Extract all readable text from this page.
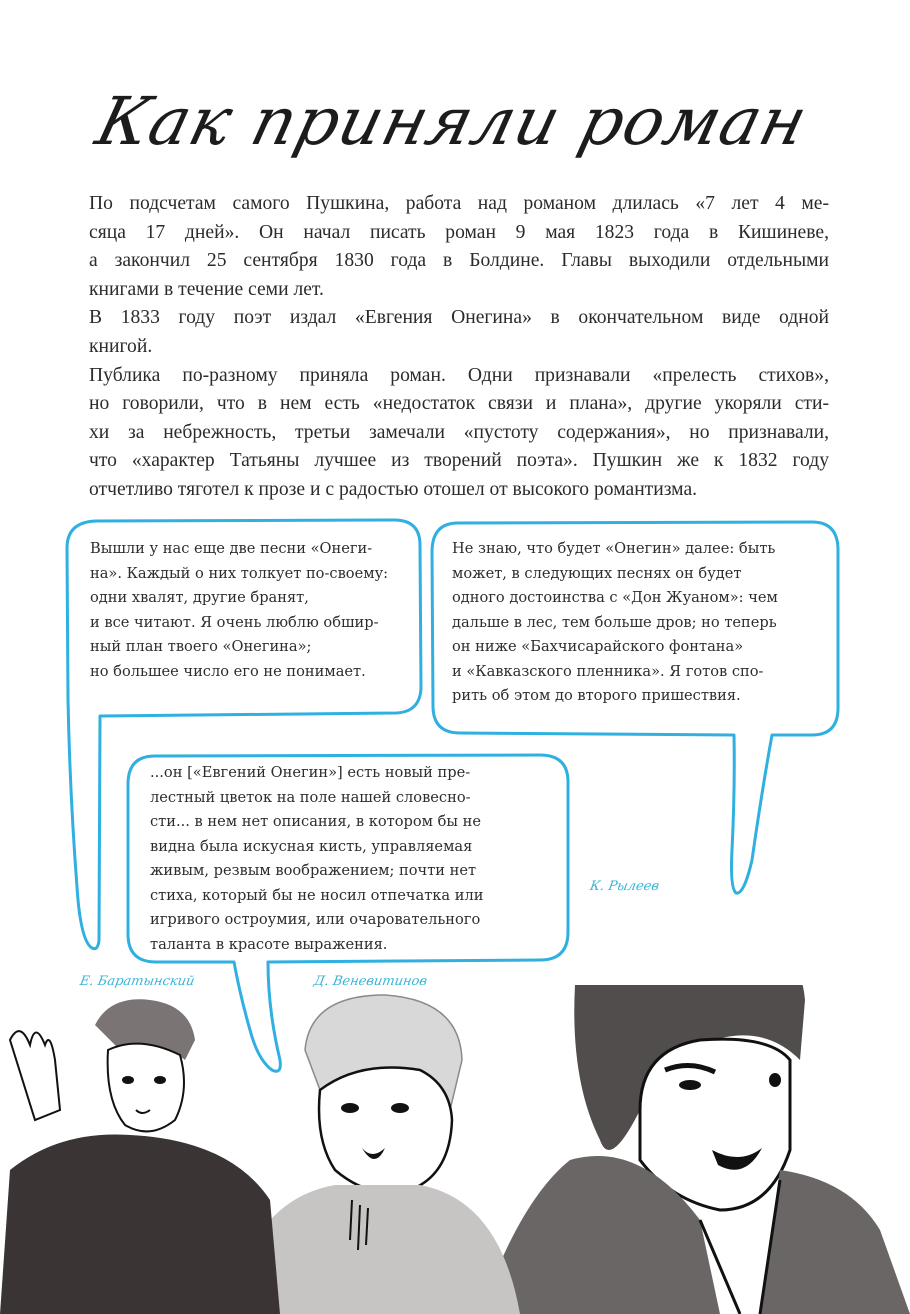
Как приняли роман
По подсчетам самого Пушкина, работа над романом длилась «7 лет 4 ме-
сяца 17 дней». Он начал писать роман 9 мая 1823 года в Кишиневе,
а закончил 25 сентября 1830 года в Болдине. Главы выходили отдельными
книгами в течение семи лет.
В 1833 году поэт издал «Евгения Онегина» в окончательном виде одной
книгой.
Публика по-разному приняла роман. Одни признавали «прелесть стихов»,
но говорили, что в нем есть «недостаток связи и плана», другие укоряли сти-
хи за небрежность, третьи замечали «пустоту содержания», но признавали,
что «характер Татьяны лучшее из творений поэта». Пушкин же к 1832 году
отчетливо тяготел к прозе и с радостью отошел от высокого романтизма.
Вышли у нас еще две песни «Онеги-
на». Каждый о них толкует по-своему:
одни хвалят, другие бранят,
и все читают. Я очень люблю обшир-
ный план твоего «Онегина»;
но большее число его не понимает.
Не знаю, что будет «Онегин» далее: быть
может, в следующих песнях он будет
одного достоинства с «Дон Жуаном»: чем
дальше в лес, тем больше дров; но теперь
он ниже «Бахчисарайского фонтана»
и «Кавказского пленника». Я готов спо-
рить об этом до второго пришествия.
...он [«Евгений Онегин»] есть новый пре-
лестный цветок на поле нашей словесно-
сти... в нем нет описания, в котором бы не
видна была искусная кисть, управляемая
живым, резвым воображением; почти нет
стиха, который бы не носил отпечатка или
игривого остроумия, или очаровательного
таланта в красоте выражения.
Е. Баратынский	Д. Веневитинов
К. Рылеев
